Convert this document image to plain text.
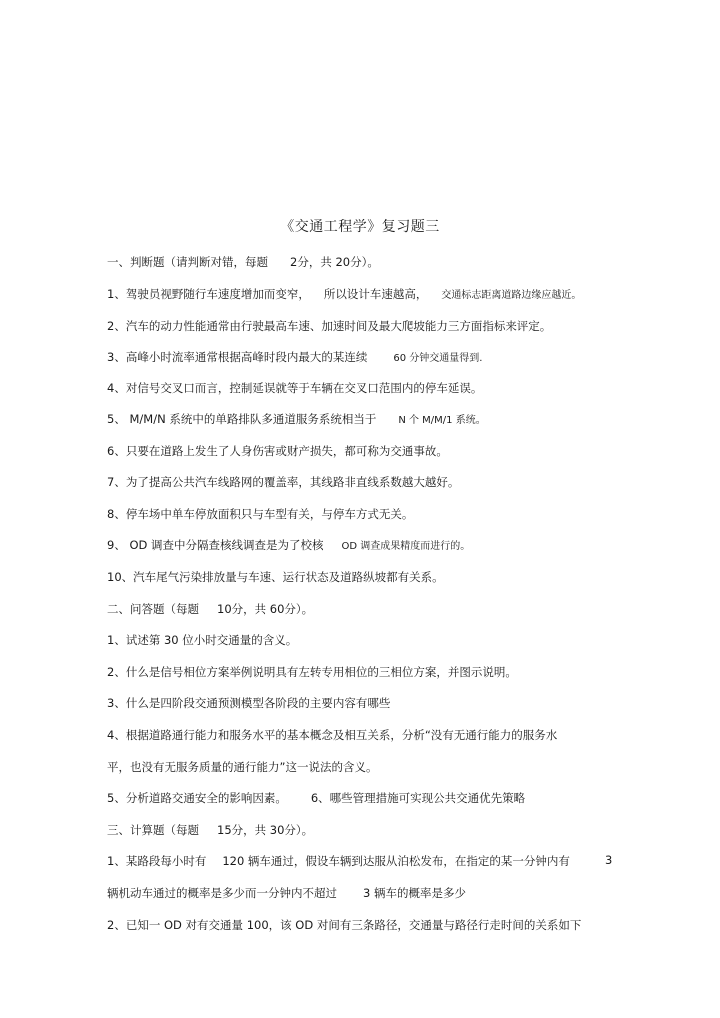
《交通工程学》复习题三
一、判断题（请判断对错，每题 2分，共 20分）。
1、驾驶员视野随行车速度增加而变窄， 所以设计车速越高， 交通标志距离道路边缘应越近。
2、汽车的动力性能通常由行驶最高车速、加速时间及最大爬坡能力三方面指标来评定。
3、高峰小时流率通常根据高峰时段内最大的某连续	60 分钟交通量得到.
4、对信号交叉口而言，控制延误就等于车辆在交叉口范围内的停车延误。
5、 M/M/N 系统中的单路排队多通道服务系统相当于 N 个 M/M/1 系统。
6、只要在道路上发生了人身伤害或财产损失，都可称为交通事故。
7、为了提高公共汽车线路网的覆盖率，其线路非直线系数越大越好。
8、停车场中单车停放面积只与车型有关，与停车方式无关。
9、 OD 调查中分隔查核线调查是为了校核 OD 调查成果精度而进行的。
10、汽车尾气污染排放量与车速、运行状态及道路纵坡都有关系。
二、问答题（每题 10分，共 60分）。
1、试述第 30 位小时交通量的含义。
2、什么是信号相位方案举例说明具有左转专用相位的三相位方案，并图示说明。
3、什么是四阶段交通预测模型各阶段的主要内容有哪些
4、根据道路通行能力和服务水平的基本概念及相互关系，分析“没有无通行能力的服务水
平，也没有无服务质量的通行能力”这一说法的含义。
5、分析道路交通安全的影响因素。 6、哪些管理措施可实现公共交通优先策略
三、计算题（每题 15分，共 30分）。
1、某路段每小时有 120 辆车通过，假设车辆到达服从泊松发布，在指定的某一分钟内有	3
辆机动车通过的概率是多少而一分钟内不超过 3 辆车的概率是多少
2、已知一 OD 对有交通量 100，该 OD 对间有三条路径，交通量与路径行走时间的关系如下
